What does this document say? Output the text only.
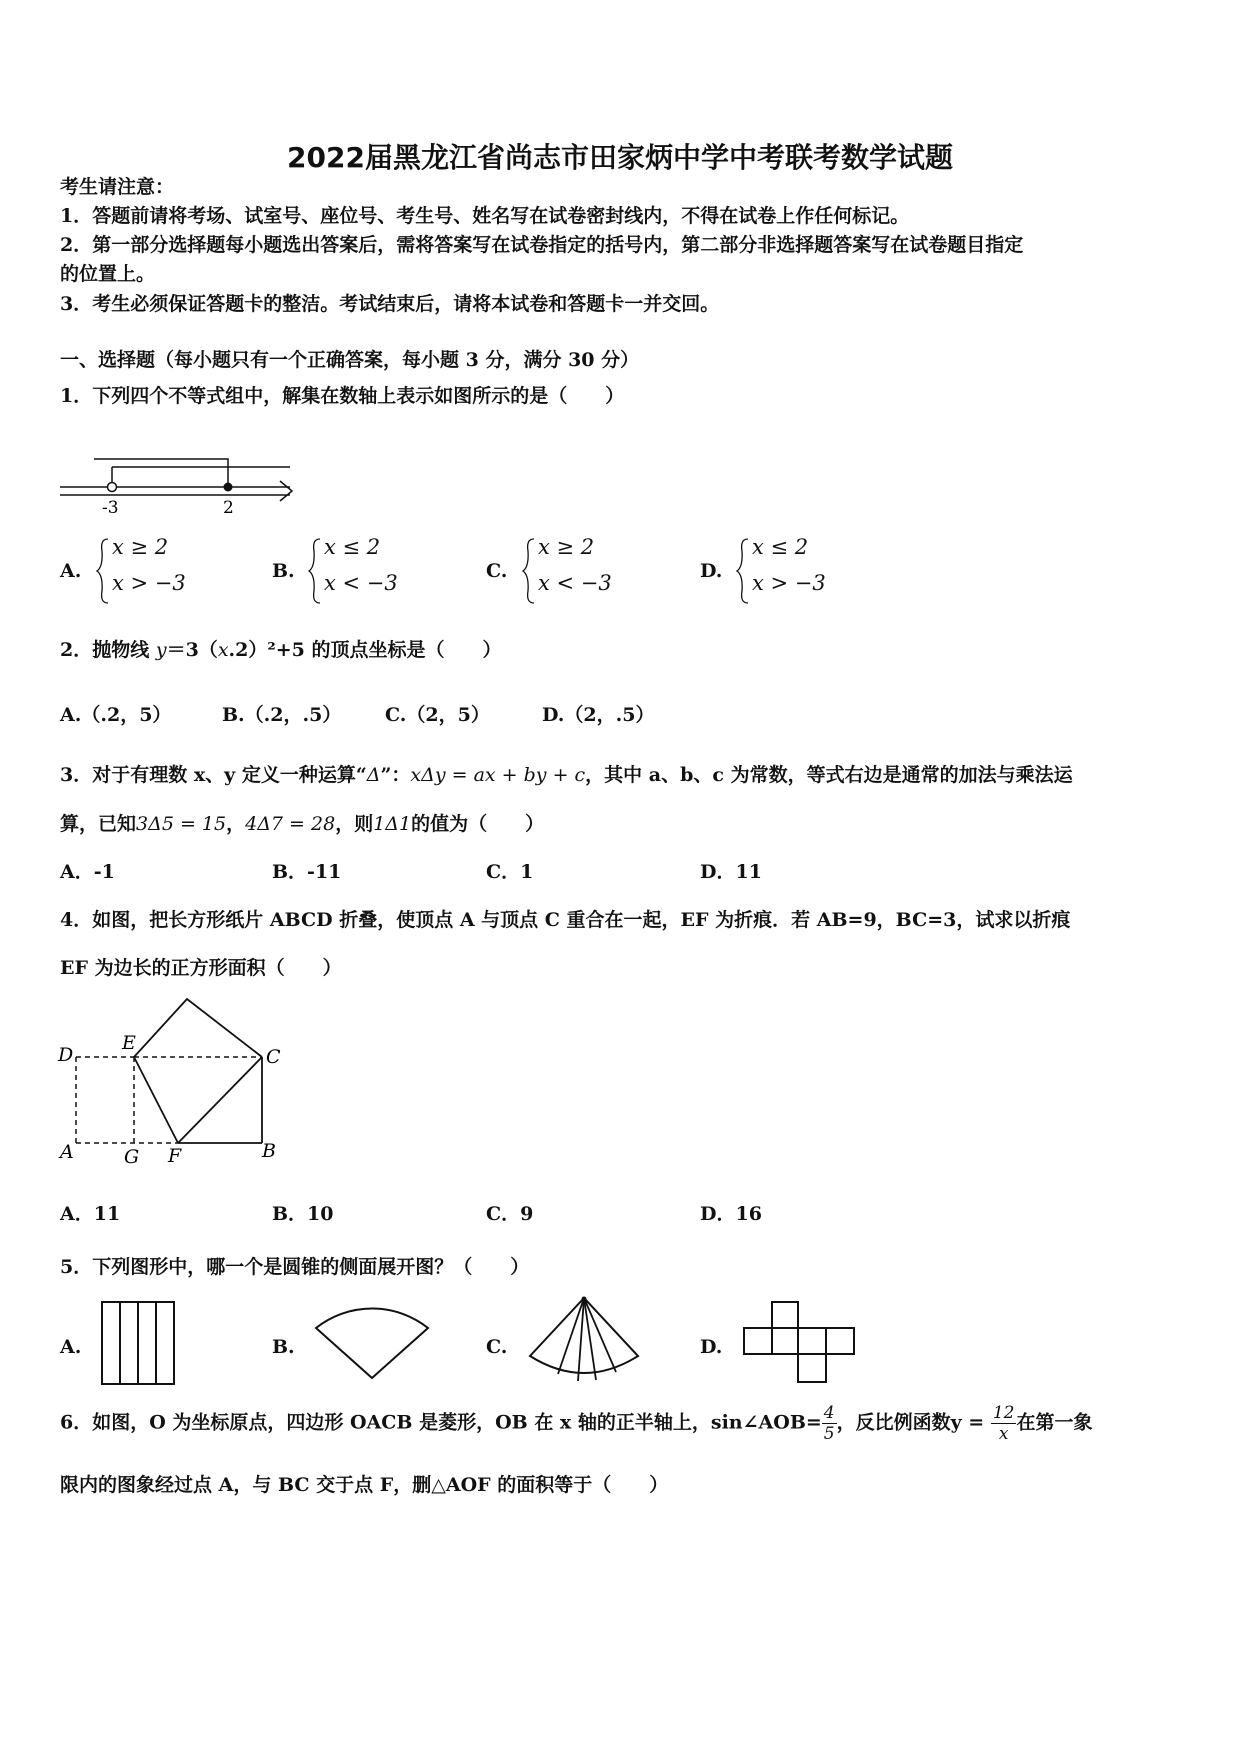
2022届黑龙江省尚志市田家炳中学中考联考数学试题
考生请注意：
1．答题前请将考场、试室号、座位号、考生号、姓名写在试卷密封线内，不得在试卷上作任何标记。
2．第一部分选择题每小题选出答案后，需将答案写在试卷指定的括号内，第二部分非选择题答案写在试卷题目指定
的位置上。
3．考生必须保证答题卡的整洁。考试结束后，请将本试卷和答题卡一并交回。
一、选择题（每小题只有一个正确答案，每小题 3 分，满分 30 分）
1．下列四个不等式组中，解集在数轴上表示如图所示的是（　　）
-3	2
A.
x ≥ 2
x > −3	B.
x ≤ 2
x < −3	C.
x ≥ 2
x < −3	D.
x ≤ 2
x > −3
2．抛物线 y＝3（x.2）²+5 的顶点坐标是（　　）
A.（.2，5）	B.（.2，.5） C.（2，5）	D.（2，.5）
3．对于有理数 x、y 定义一种运算“Δ”：xΔy = ax + by + c，其中 a、b、c 为常数，等式右边是通常的加法与乘法运
算，已知3Δ5 = 15，4Δ7 = 28，则1Δ1的值为（　　）
A．-1	B．-11	C．1	D．11
4．如图，把长方形纸片 ABCD 折叠，使顶点 A 与顶点 C 重合在一起，EF 为折痕．若 AB=9，BC=3，试求以折痕
EF 为边长的正方形面积（　　）
D
E
C
A	G F	B
A．11	B．10	C．9	D．16
5．下列图形中，哪一个是圆锥的侧面展开图？（　　）
A.	B.	C.	D.
6．如图，O 为坐标原点，四边形 OACB 是菱形，OB 在 x 轴的正半轴上，sin∠AOB= $\frac{4}{5}$ ，反比例函数$y = \frac{12}{x}$ 在第一象
限内的图象经过点 A，与 BC 交于点 F，删△AOF 的面积等于（　　）
